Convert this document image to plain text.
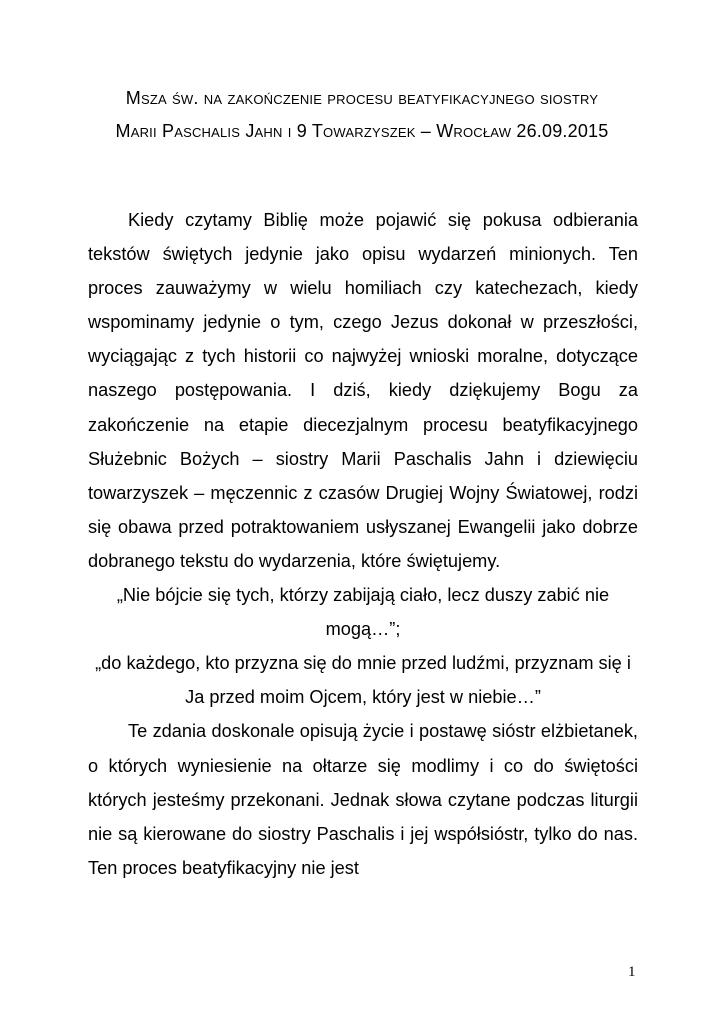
Msza św. na zakończenie procesu beatyfikacyjnego siostry
Marii Paschalis Jahn i 9 Towarzyszek – Wrocław 26.09.2015

Kiedy czytamy Biblię może pojawić się pokusa odbierania tekstów świętych jedynie jako opisu wydarzeń minionych. Ten proces zauważymy w wielu homiliach czy katechezach, kiedy wspominamy jedynie o tym, czego Jezus dokonał w przeszłości, wyciągając z tych historii co najwyżej wnioski moralne, dotyczące naszego postępowania. I dziś, kiedy dziękujemy Bogu za zakończenie na etapie diecezjalnym procesu beatyfikacyjnego Służebnic Bożych – siostry Marii Paschalis Jahn i dziewięciu towarzyszek – męczennic z czasów Drugiej Wojny Światowej, rodzi się obawa przed potraktowaniem usłyszanej Ewangelii jako dobrze dobranego tekstu do wydarzenia, które świętujemy.

„Nie bójcie się tych, którzy zabijają ciało, lecz duszy zabić nie mogą…”;

„do każdego, kto przyzna się do mnie przed ludźmi, przyznam się i Ja przed moim Ojcem, który jest w niebie…”

Te zdania doskonale opisują życie i postawę sióstr elżbietanek, o których wyniesienie na ołtarze się modlimy i co do świętości których jesteśmy przekonani. Jednak słowa czytane podczas liturgii nie są kierowane do siostry Paschalis i jej współsióstr, tylko do nas. Ten proces beatyfikacyjny nie jest

1
